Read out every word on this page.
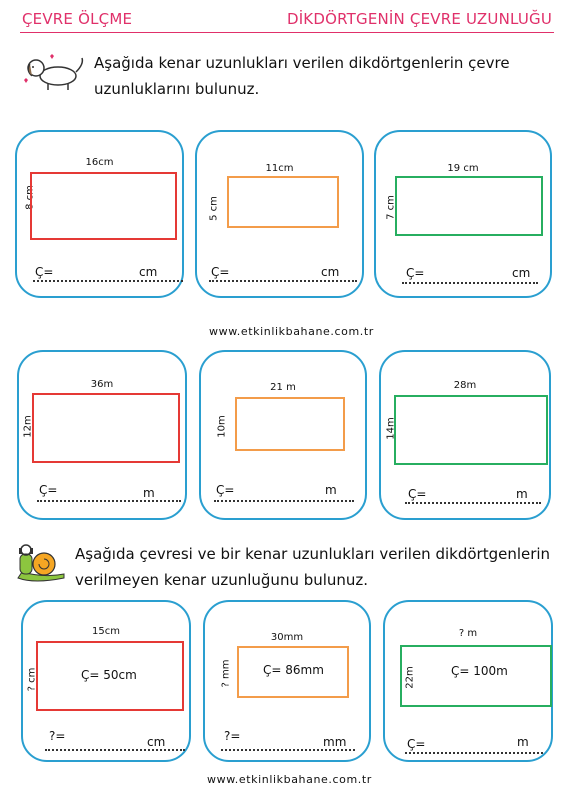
ÇEVRE ÖLÇME	DİKDÖRTGENİN ÇEVRE UZUNLUĞU
Aşağıda kenar uzunlukları verilen dikdörtgenlerin çevre
uzunluklarını bulunuz.
16cm
8 cm
Ç=	cm
11cm
5 cm
Ç=	cm
19 cm
7 cm
Ç=	cm
www.etkinlikbahane.com.tr
36m
12m
Ç=	m
21 m
10m
Ç=	m
28m
14m
Ç=	m
Aşağıda çevresi ve bir kenar uzunlukları verilen dikdörtgenlerin
verilmeyen kenar uzunluğunu bulunuz.
15cm
? cm	Ç= 50cm
?=	cm
30mm
? mm	Ç= 86mm
?=	mm
? m
22m	Ç= 100m
Ç=	m
www.etkinlikbahane.com.tr
